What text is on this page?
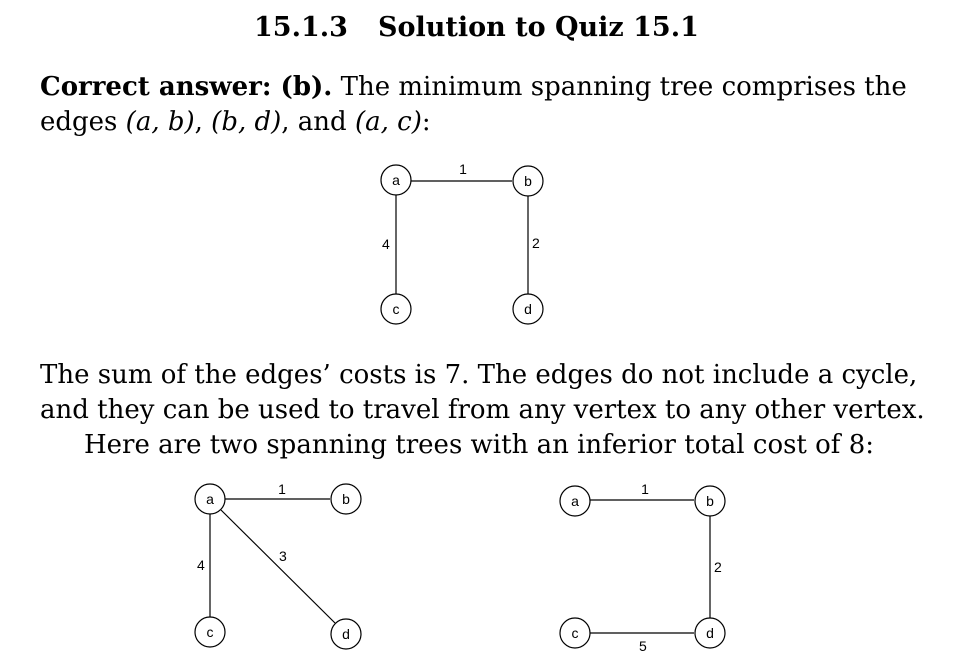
15.1.3 Solution to Quiz 15.1
Correct answer: (b). The minimum spanning tree comprises the
edges (a, b), (b, d), and (a, c):
a	b
c	d
1
4	2
a	b
c	d
1
4
3
a	b
c	d
1
2
5
The sum of the edges’ costs is 7. The edges do not include a cycle,
and they can be used to travel from any vertex to any other vertex.
Here are two spanning trees with an inferior total cost of 8:
